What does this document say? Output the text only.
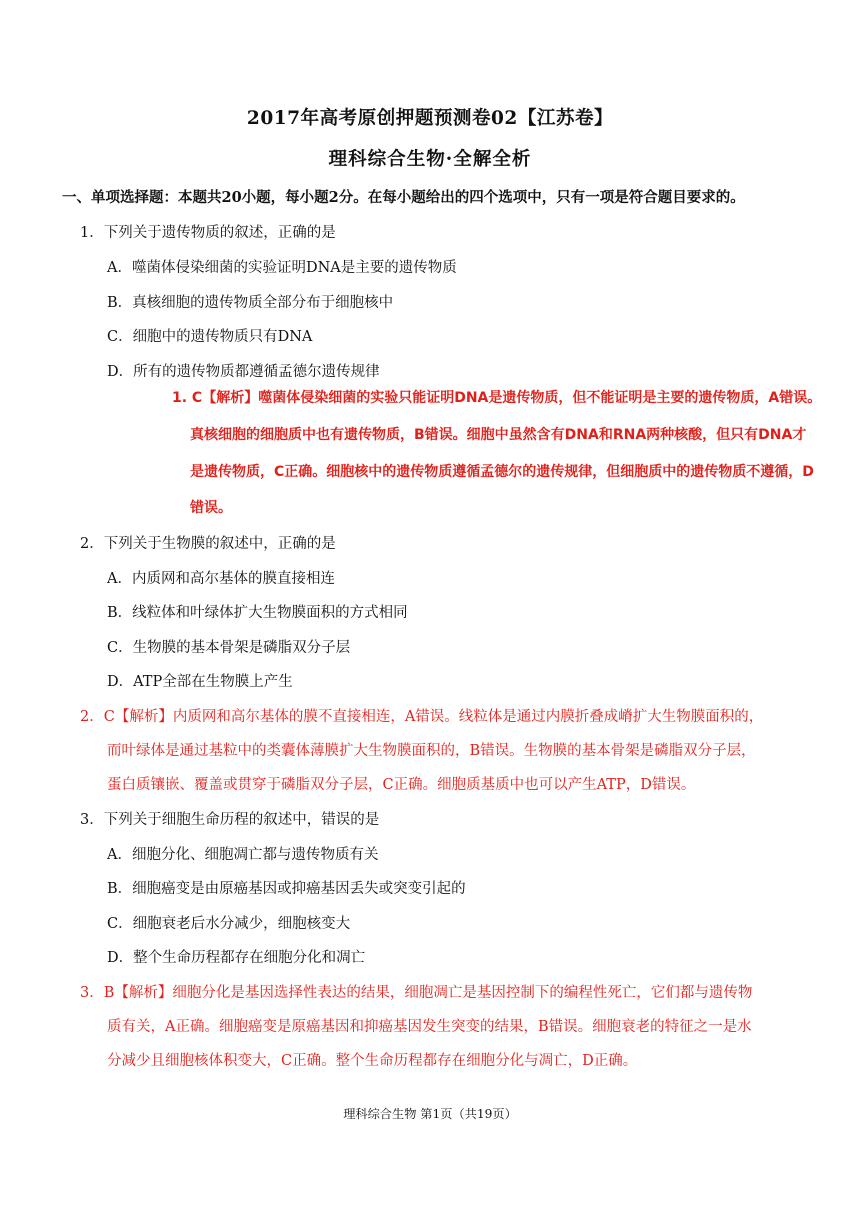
2017年高考原创押题预测卷02【江苏卷】
理科综合生物·全解全析
一、单项选择题：本题共20小题，每小题2分。在每小题给出的四个选项中，只有一项是符合题目要求的。
1．下列关于遗传物质的叙述，正确的是
A．噬菌体侵染细菌的实验证明DNA是主要的遗传物质
B．真核细胞的遗传物质全部分布于细胞核中
C．细胞中的遗传物质只有DNA
D．所有的遗传物质都遵循孟德尔遗传规律
1. C【解析】噬菌体侵染细菌的实验只能证明DNA是遗传物质，但不能证明是主要的遗传物质，A错误。
真核细胞的细胞质中也有遗传物质，B错误。细胞中虽然含有DNA和RNA两种核酸，但只有DNA才
是遗传物质，C正确。细胞核中的遗传物质遵循孟德尔的遗传规律，但细胞质中的遗传物质不遵循，D
错误。
2．下列关于生物膜的叙述中，正确的是
A．内质网和高尔基体的膜直接相连
B．线粒体和叶绿体扩大生物膜面积的方式相同
C．生物膜的基本骨架是磷脂双分子层
D．ATP全部在生物膜上产生
2．C【解析】内质网和高尔基体的膜不直接相连，A错误。线粒体是通过内膜折叠成嵴扩大生物膜面积的，
而叶绿体是通过基粒中的类囊体薄膜扩大生物膜面积的，B错误。生物膜的基本骨架是磷脂双分子层，
蛋白质镶嵌、覆盖或贯穿于磷脂双分子层，C正确。细胞质基质中也可以产生ATP，D错误。
3．下列关于细胞生命历程的叙述中，错误的是
A．细胞分化、细胞凋亡都与遗传物质有关
B．细胞癌变是由原癌基因或抑癌基因丢失或突变引起的
C．细胞衰老后水分减少，细胞核变大
D．整个生命历程都存在细胞分化和凋亡
3．B【解析】细胞分化是基因选择性表达的结果，细胞凋亡是基因控制下的编程性死亡，它们都与遗传物
质有关，A正确。细胞癌变是原癌基因和抑癌基因发生突变的结果，B错误。细胞衰老的特征之一是水
分减少且细胞核体积变大，C正确。整个生命历程都存在细胞分化与凋亡，D正确。
理科综合生物 第1页（共19页）
